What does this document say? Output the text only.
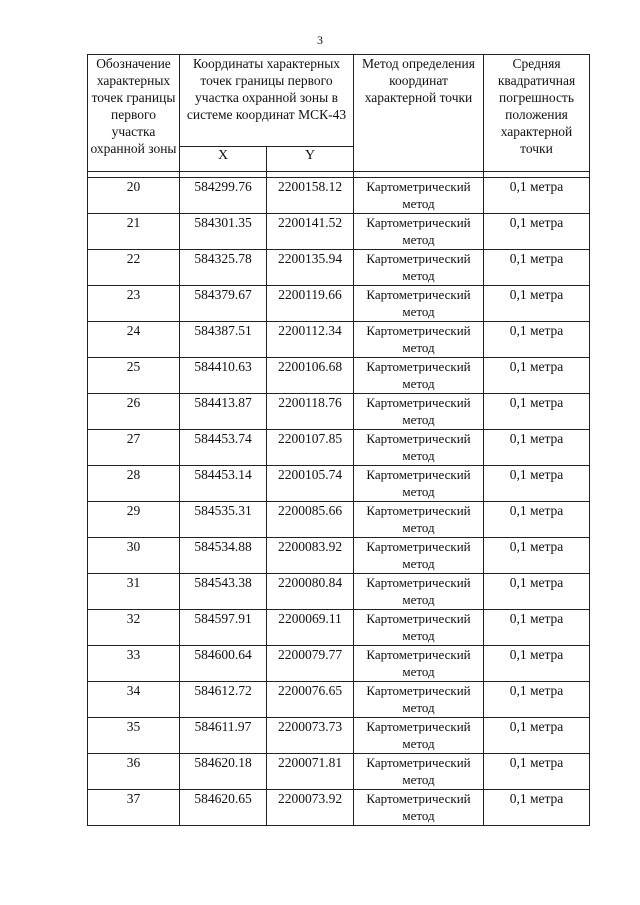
3
Обозначение характерных точек границы первого участка охранной зоны	Координаты характерных точек границы первого участка охранной зоны в системе координат МСК-43		Метод определения координат характерной точки	Средняя квадратичная погрешность положения характерной точки
	X	Y		

20	584299.76	2200158.12	Картометрический метод	0,1 метра
21	584301.35	2200141.52	Картометрический метод	0,1 метра
22	584325.78	2200135.94	Картометрический метод	0,1 метра
23	584379.67	2200119.66	Картометрический метод	0,1 метра
24	584387.51	2200112.34	Картометрический метод	0,1 метра
25	584410.63	2200106.68	Картометрический метод	0,1 метра
26	584413.87	2200118.76	Картометрический метод	0,1 метра
27	584453.74	2200107.85	Картометрический метод	0,1 метра
28	584453.14	2200105.74	Картометрический метод	0,1 метра
29	584535.31	2200085.66	Картометрический метод	0,1 метра
30	584534.88	2200083.92	Картометрический метод	0,1 метра
31	584543.38	2200080.84	Картометрический метод	0,1 метра
32	584597.91	2200069.11	Картометрический метод	0,1 метра
33	584600.64	2200079.77	Картометрический метод	0,1 метра
34	584612.72	2200076.65	Картометрический метод	0,1 метра
35	584611.97	2200073.73	Картометрический метод	0,1 метра
36	584620.18	2200071.81	Картометрический метод	0,1 метра
37	584620.65	2200073.92	Картометрический метод	0,1 метра
